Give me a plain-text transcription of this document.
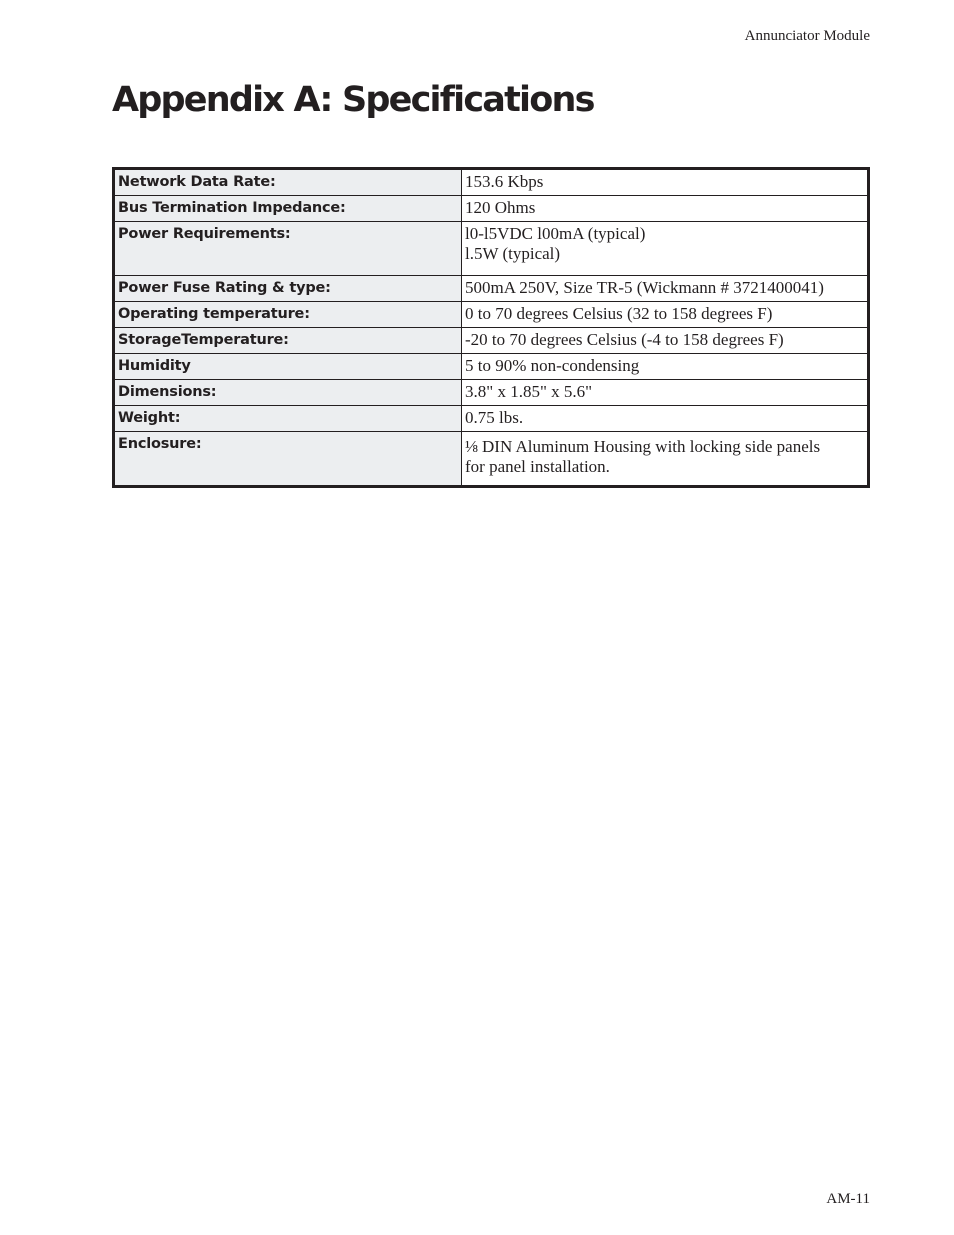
Annunciator Module
Appendix A: Specifications
Network Data Rate:	153.6 Kbps

Bus Termination Impedance:	120 Ohms

Power Requirements:	l0-l5VDC l00mA (typical)
l.5W (typical)

Power Fuse Rating & type:	500mA 250V, Size TR-5 (Wickmann # 3721400041)

Operating temperature:	0 to 70 degrees Celsius (32 to 158 degrees F)

StorageTemperature:	-20 to 70 degrees Celsius (-4 to 158 degrees F)

Humidity	5 to 90% non-condensing

Dimensions:	3.8" x 1.85" x 5.6"

Weight:	0.75 lbs.

Enclosure:	⅛ DIN Aluminum Housing with locking side panels
for panel installation.
AM-11
